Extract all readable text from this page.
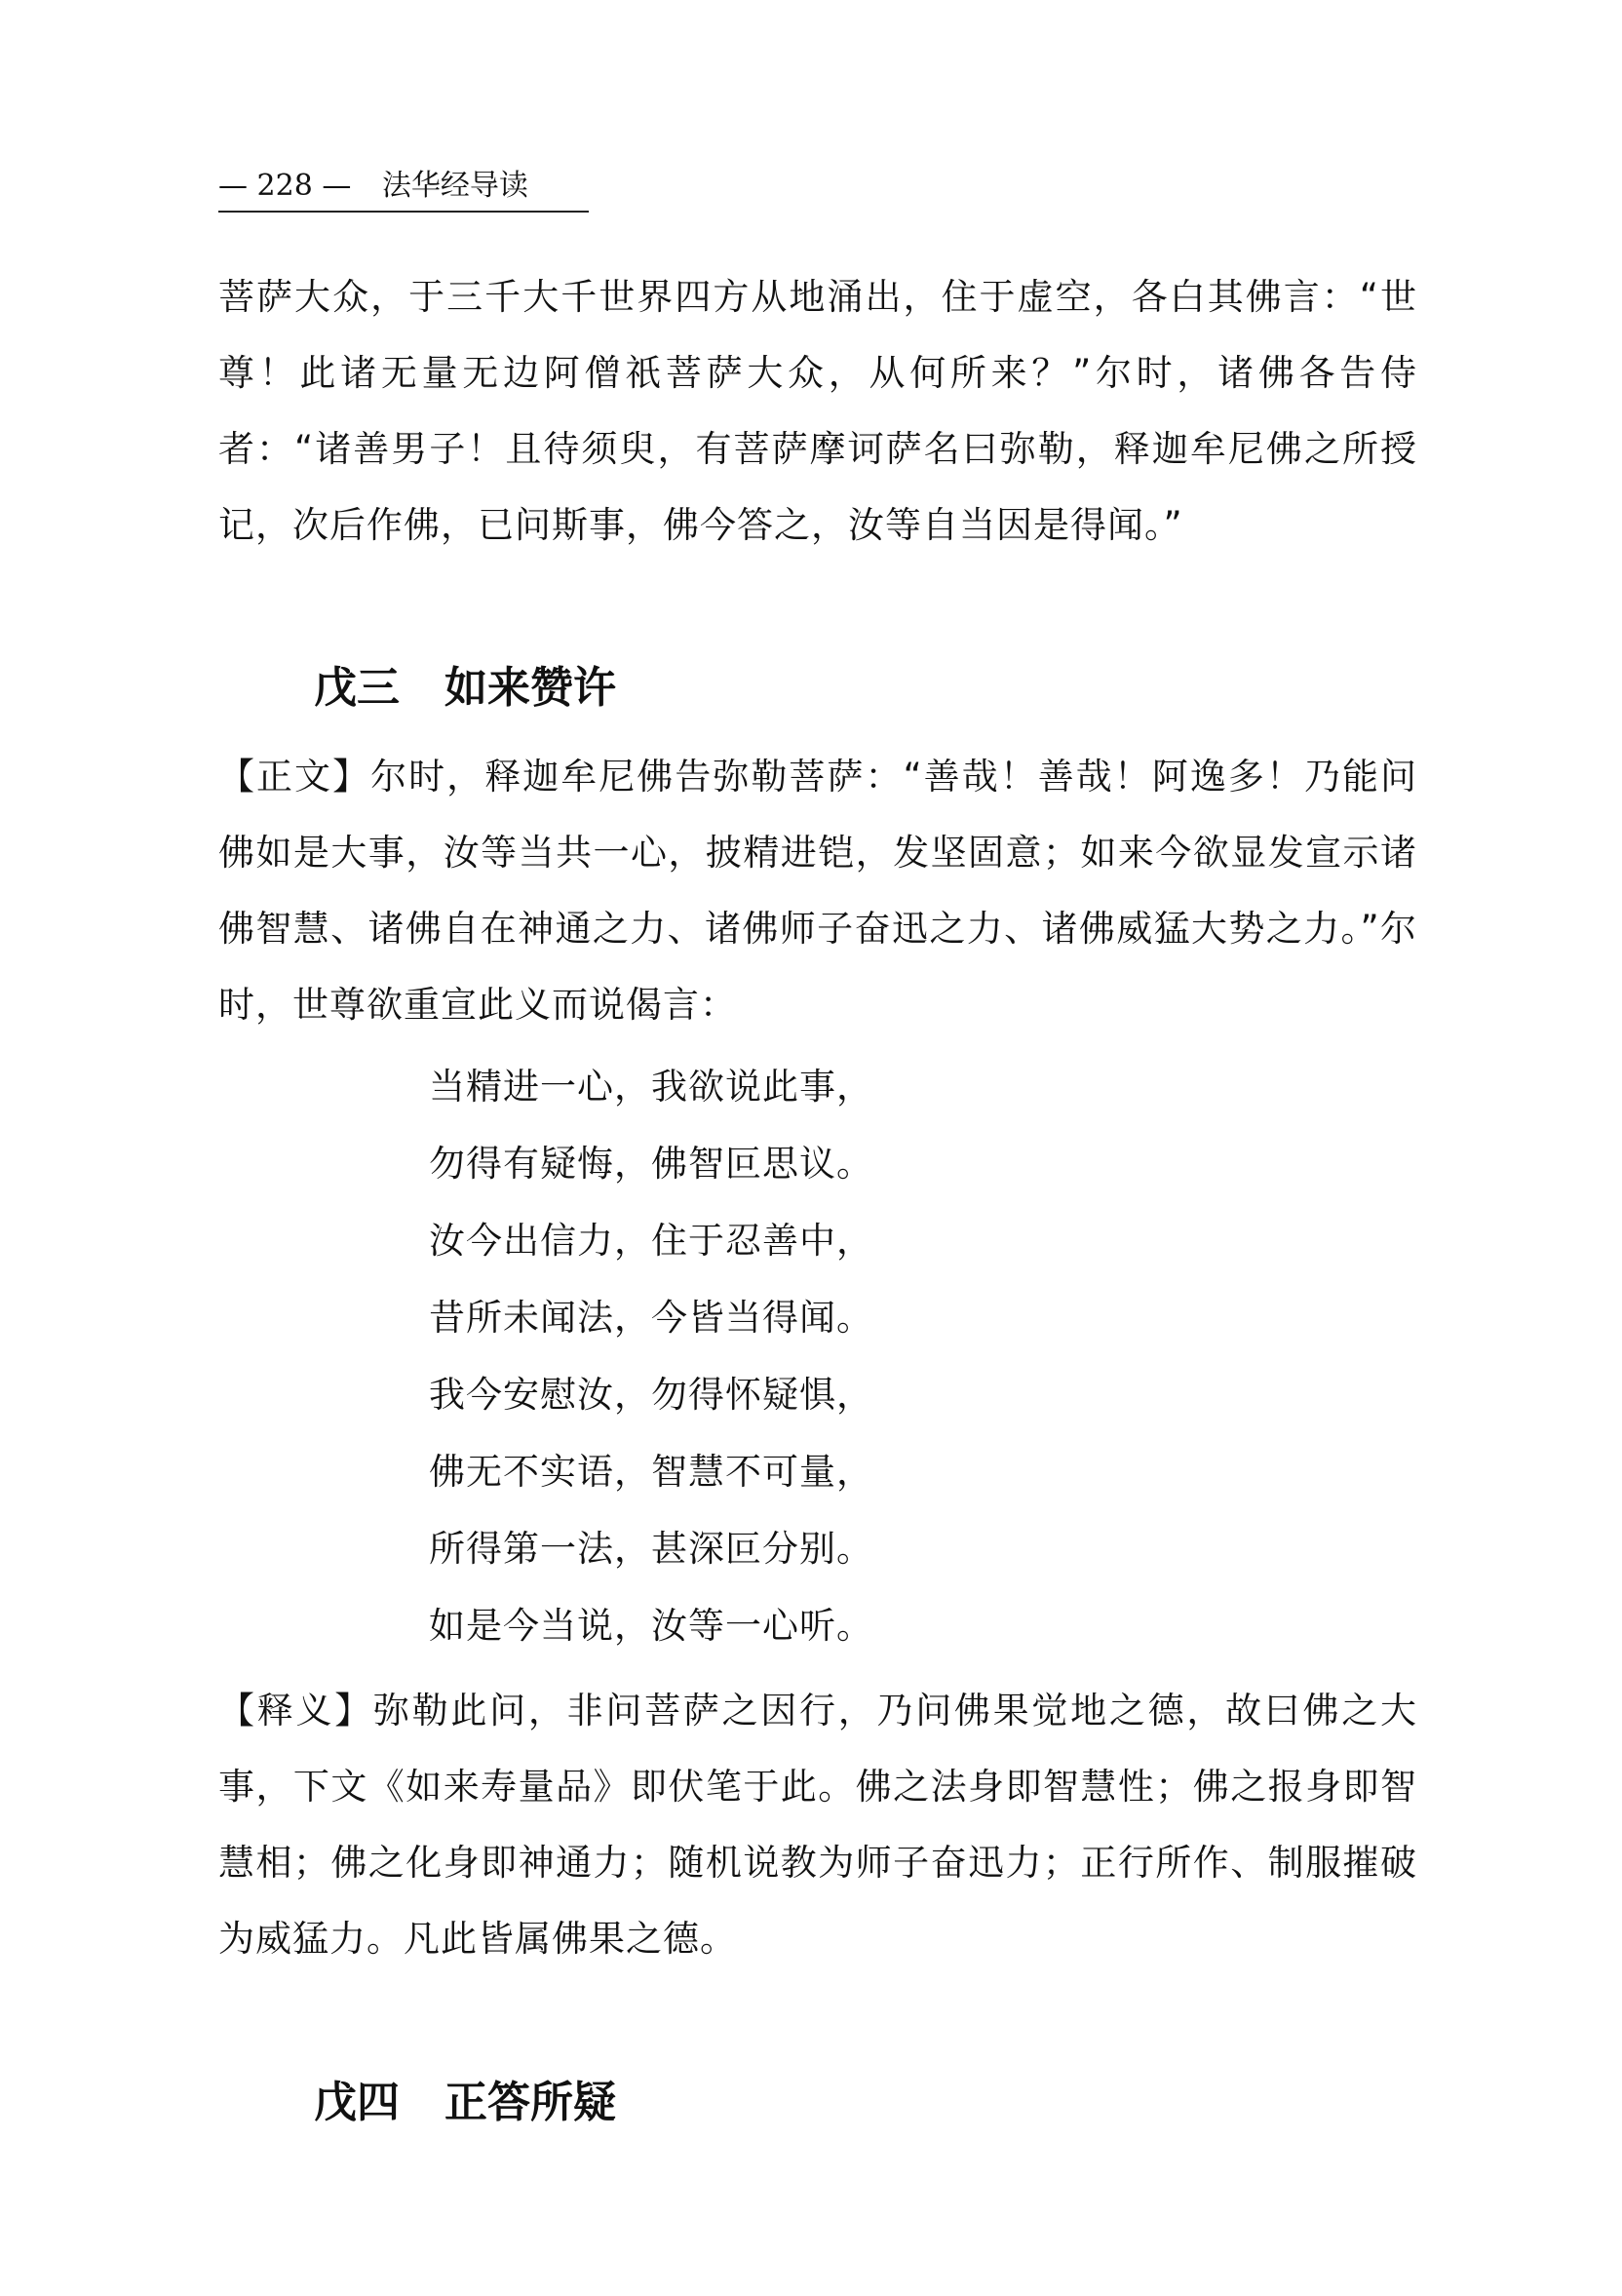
— 228 — 法华经导读
菩萨大众，于三千大千世界四方从地涌出，住于虚空，各白其佛言：“世尊！此诸无量无边阿僧祇菩萨大众，从何所来？”尔时，诸佛各告侍者：“诸善男子！且待须臾，有菩萨摩诃萨名曰弥勒，释迦牟尼佛之所授记，次后作佛，已问斯事，佛今答之，汝等自当因是得闻。”
戊三 如来赞许
【正文】尔时，释迦牟尼佛告弥勒菩萨：“善哉！善哉！阿逸多！乃能问佛如是大事，汝等当共一心，披精进铠，发坚固意；如来今欲显发宣示诸佛智慧、诸佛自在神通之力、诸佛师子奋迅之力、诸佛威猛大势之力。”尔时，世尊欲重宣此义而说偈言：
当精进一心，我欲说此事，
勿得有疑悔，佛智叵思议。
汝今出信力，住于忍善中，
昔所未闻法，今皆当得闻。
我今安慰汝，勿得怀疑惧，
佛无不实语，智慧不可量，
所得第一法，甚深叵分别。
如是今当说，汝等一心听。
【释义】弥勒此问，非问菩萨之因行，乃问佛果觉地之德，故曰佛之大事，下文《如来寿量品》即伏笔于此。佛之法身即智慧性；佛之报身即智慧相；佛之化身即神通力；随机说教为师子奋迅力；正行所作、制服摧破为威猛力。凡此皆属佛果之德。
戊四 正答所疑
